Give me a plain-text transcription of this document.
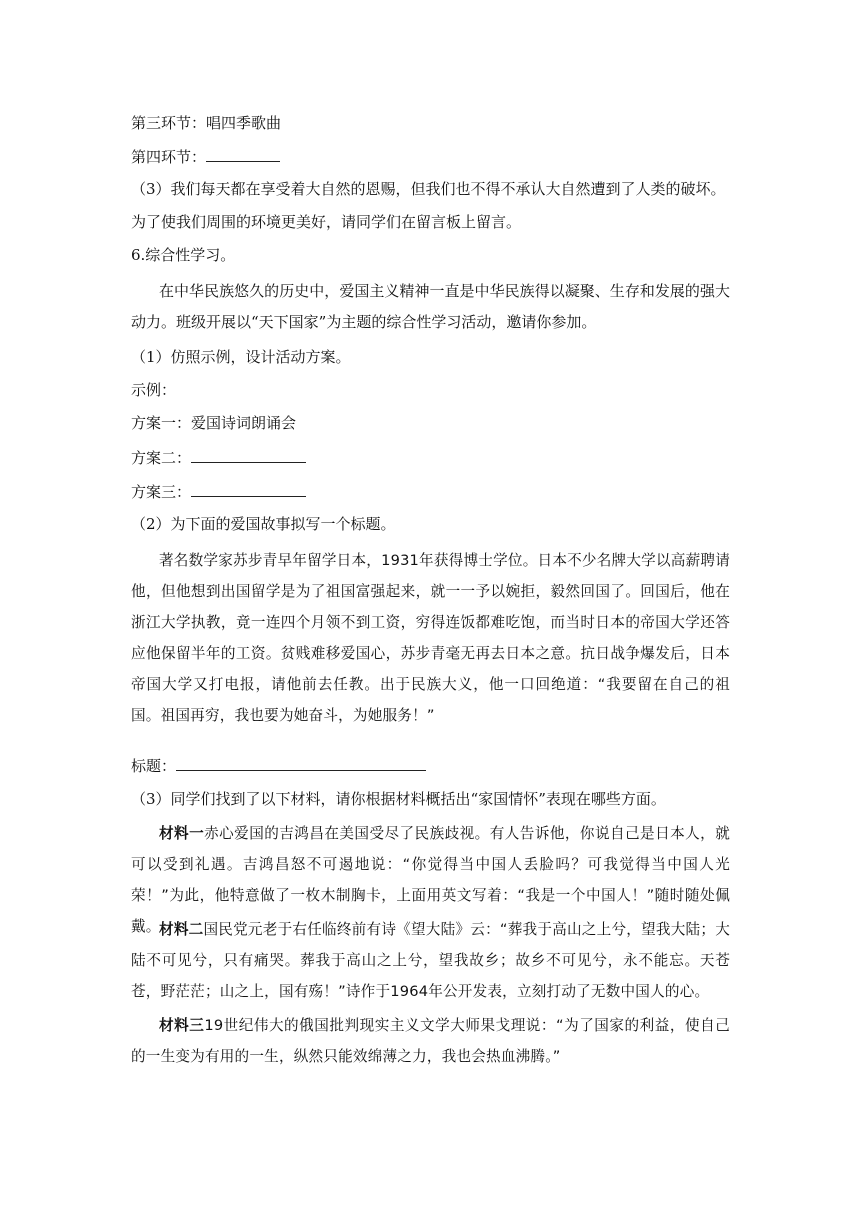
第三环节：唱四季歌曲
第四环节：
（3）我们每天都在享受着大自然的恩赐，但我们也不得不承认大自然遭到了人类的破坏。
为了使我们周围的环境更美好，请同学们在留言板上留言。
6.综合性学习。
在中华民族悠久的历史中，爱国主义精神一直是中华民族得以凝聚、生存和发展的强大动力。班级开展以“天下国家”为主题的综合性学习活动，邀请你参加。
（1）仿照示例，设计活动方案。
示例：
方案一：爱国诗词朗诵会
方案二：
方案三：
（2）为下面的爱国故事拟写一个标题。
著名数学家苏步青早年留学日本，1931年获得博士学位。日本不少名牌大学以高薪聘请他，但他想到出国留学是为了祖国富强起来，就一一予以婉拒，毅然回国了。回国后，他在浙江大学执教，竟一连四个月领不到工资，穷得连饭都难吃饱，而当时日本的帝国大学还答应他保留半年的工资。贫贱难移爱国心，苏步青毫无再去日本之意。抗日战争爆发后，日本帝国大学又打电报，请他前去任教。出于民族大义，他一口回绝道：“我要留在自己的祖国。祖国再穷，我也要为她奋斗，为她服务！”
标题：
（3）同学们找到了以下材料，请你根据材料概括出“家国情怀”表现在哪些方面。
材料一赤心爱国的吉鸿昌在美国受尽了民族歧视。有人告诉他，你说自己是日本人，就可以受到礼遇。吉鸿昌怒不可遏地说：“你觉得当中国人丢脸吗？可我觉得当中国人光荣！”为此，他特意做了一枚木制胸卡，上面用英文写着：“我是一个中国人！”随时随处佩戴。
材料二国民党元老于右任临终前有诗《望大陆》云：“葬我于高山之上兮，望我大陆；大陆不可见兮，只有痛哭。葬我于高山之上兮，望我故乡；故乡不可见兮，永不能忘。天苍苍，野茫茫；山之上，国有殇！”诗作于1964年公开发表，立刻打动了无数中国人的心。
材料三19世纪伟大的俄国批判现实主义文学大师果戈理说：“为了国家的利益，使自己的一生变为有用的一生，纵然只能效绵薄之力，我也会热血沸腾。”
